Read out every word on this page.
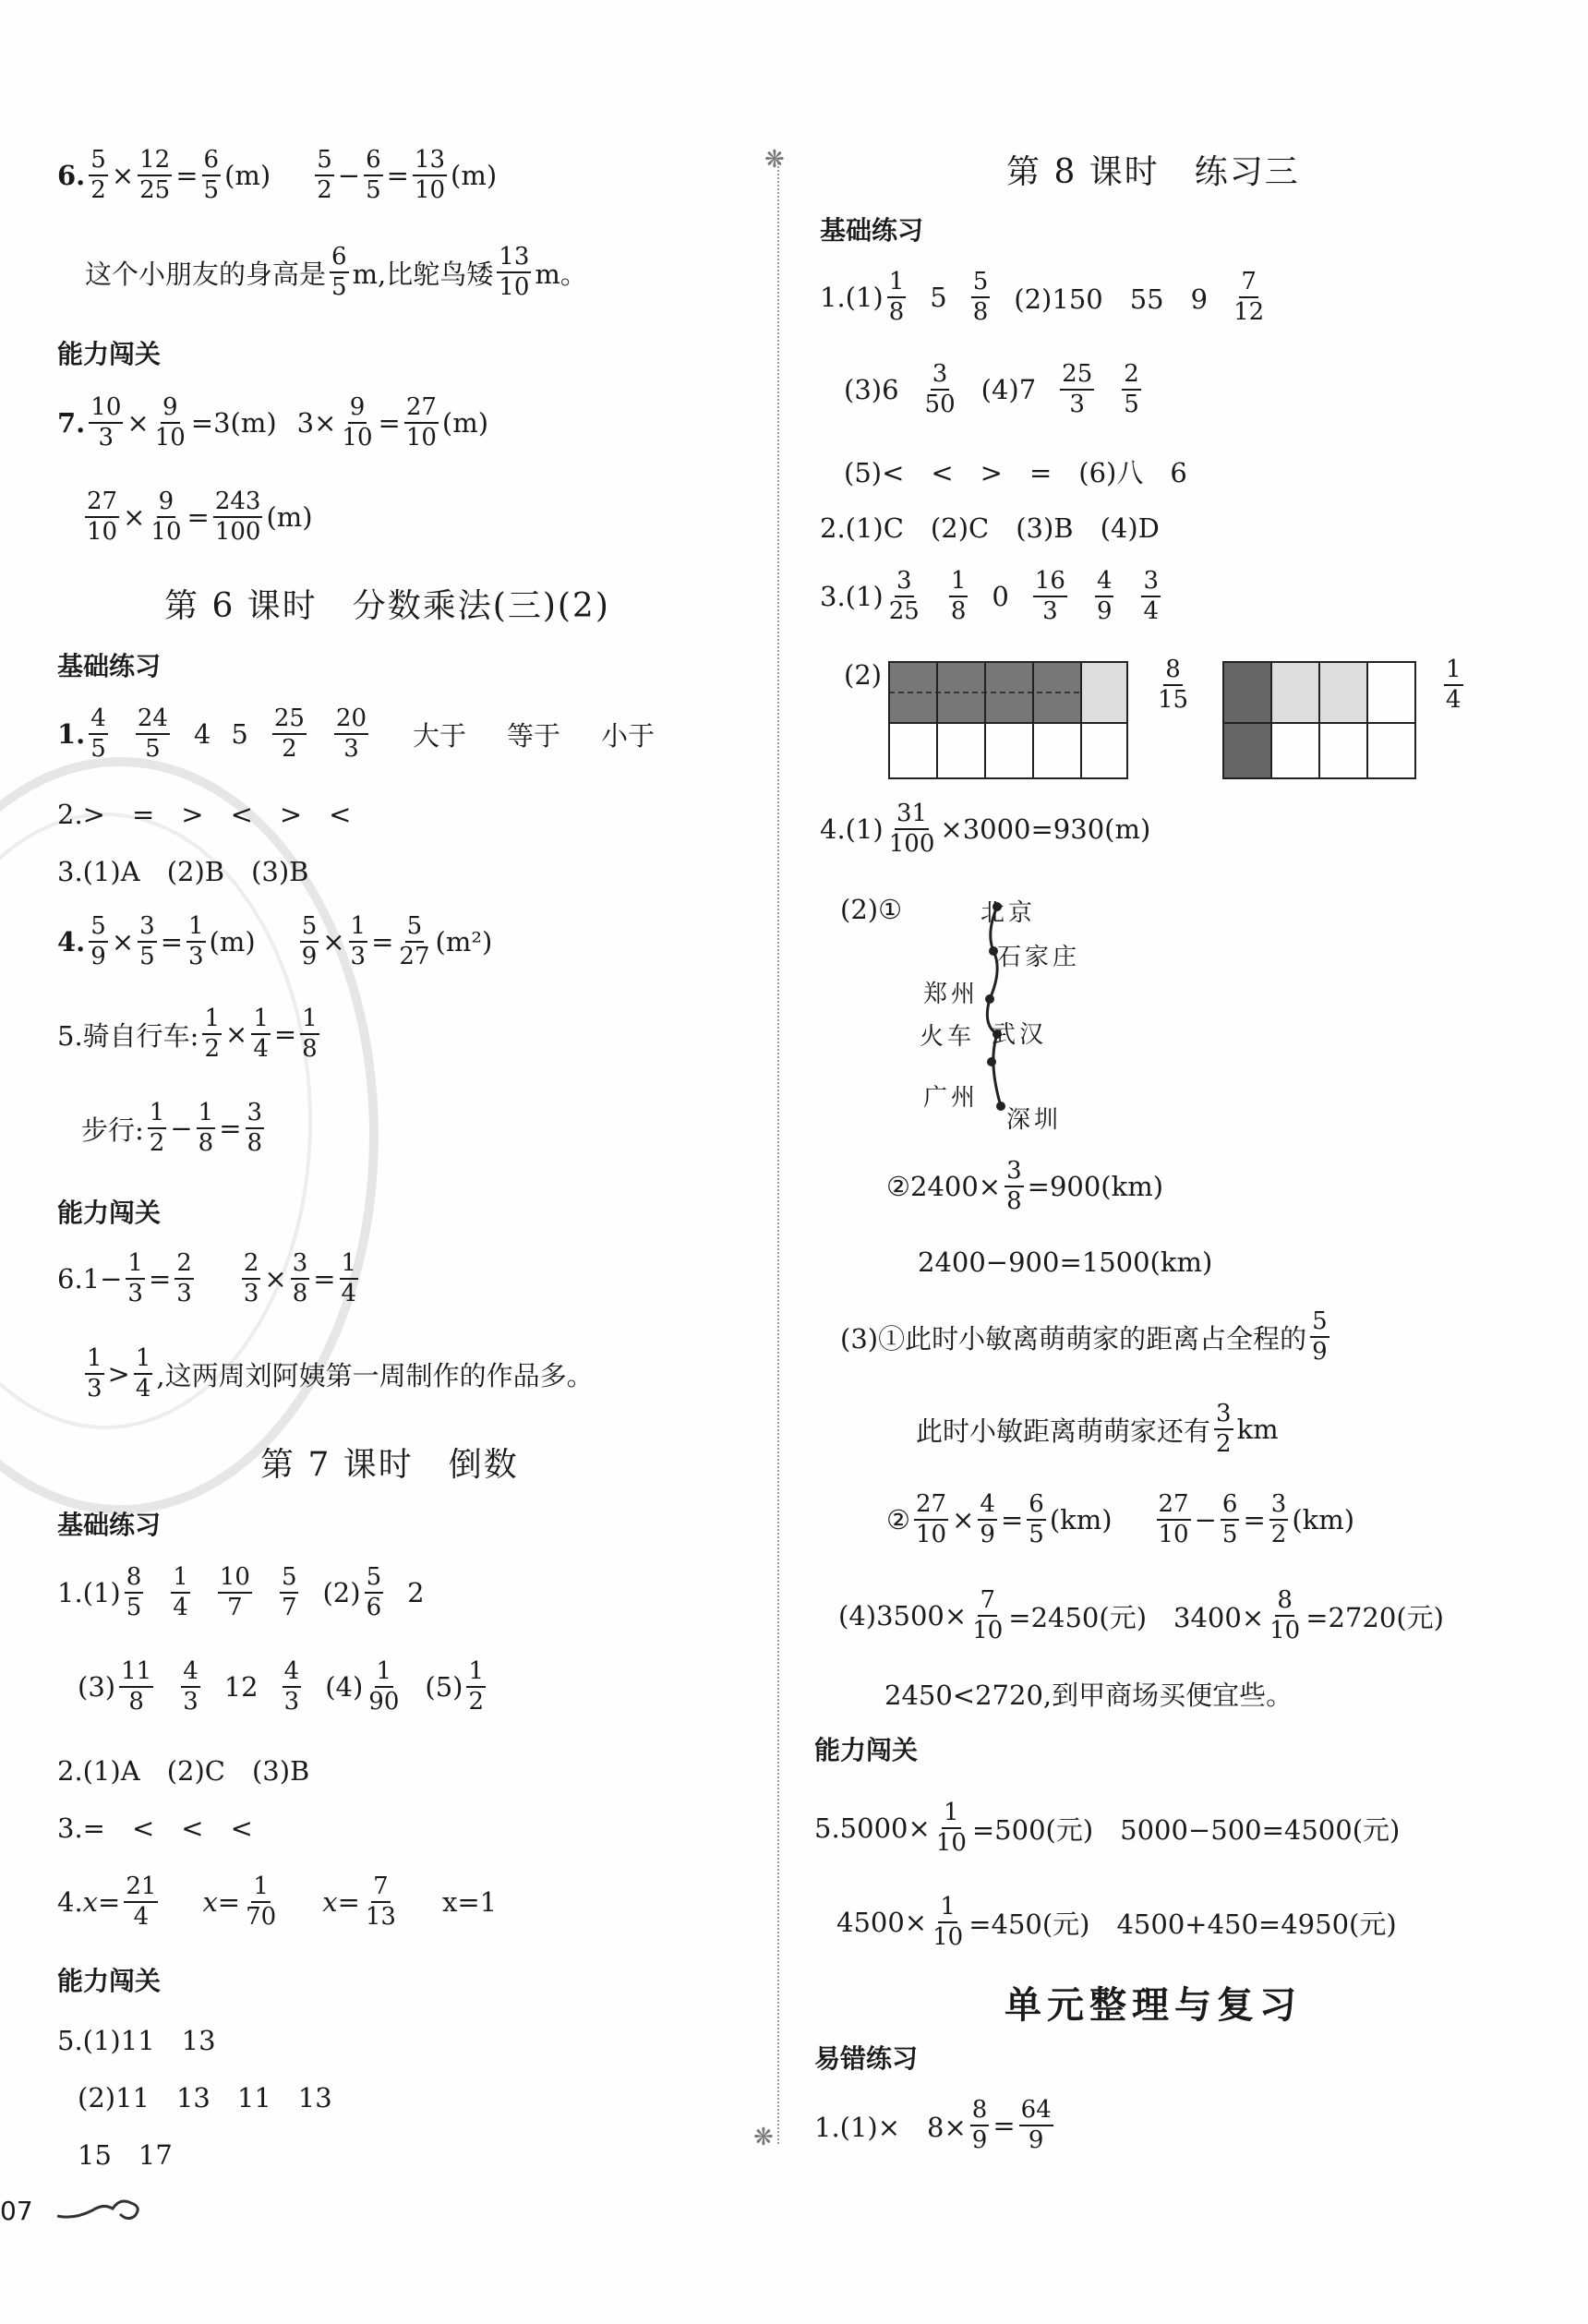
❋
❋
6. $\frac{5}{2} \times \frac{12}{25} = \frac{6}{5} (m) \frac{5}{2} - \frac{6}{5} = \frac{13}{10} (m)$
这个小朋友的身高是 $\frac{6}{5} m$,比鸵鸟矮 $\frac{13}{10}$ m。
能力闯关
7. $\frac{10}{3} \times \frac{9}{10} =3(m)$ $3\times \frac{9}{10} = \frac{27}{10} (m)$
$\frac{27}{10} \times \frac{9}{10} = \frac{243}{100} (m)$
第 6 课时　分数乘法(三)(2)
基础练习
1. $\frac{4}{5} \frac{24}{5} 4$ $5 \frac{25}{2} \frac{20}{3}$ 大于 等于 小于
2.>　=　>　<　>　<
3.(1)A　(2)B　(3)B
4. $\frac{5}{9} \times \frac{3}{5} = \frac{1}{3} (m) \frac{5}{9} \times \frac{1}{3} = \frac{5}{27} (m^2)$
5.骑自行车: $\frac{1}{2} \times \frac{1}{4} = \frac{1}{8}$
步行: $\frac{1}{2} - \frac{1}{8} = \frac{3}{8}$
能力闯关
$6.1- \frac{1}{3} = \frac{2}{3} \frac{2}{3} \times \frac{3}{8} = \frac{1}{4}$
$\frac{1}{3} > \frac{1}{4}$ ,这两周刘阿姨第一周制作的作品多。
第 7 课时　倒数
基础练习
$1.(1) \frac{8}{5} \frac{1}{4} \frac{10}{7} \frac{5}{7} (2) \frac{5}{6} 2$
$(3) \frac{11}{8} \frac{4}{3} 12 \frac{4}{3} (4) \frac{1}{90} (5) \frac{1}{2}$
2.(1)A　(2)C　(3)B
3.=　<　<　<
4. $x = \frac{21}{4}$ $x = \frac{1}{70}$ $x = \frac{7}{13} x=1$
能力闯关
5.(1)11　13
(2)11　13　11　13
15　17
07
第 8 课时　练习三
基础练习
$1.(1) \frac{1}{8} 5 \frac{5}{8} (2)150$　55　$9 \frac{7}{12}$
$(3)6 \frac{3}{50} (4)7 \frac{25}{3} \frac{2}{5}$
(5)<　<　>　=　(6)八　6
2.(1)C　(2)C　(3)B　(4)D
$3.(1) \frac{3}{25} \frac{1}{8} 0 \frac{16}{3} \frac{4}{9} \frac{3}{4}$
(2)	$\frac{8}{15}$	$\frac{1}{4}$
$4.(1) \frac{31}{100} \times 3000=930(m)$
(2)①	北京
石家庄
郑州
火车 武汉
广州
深圳
②2400× $\frac{3}{8} =900(km)$
2400−900=1500(km)
(3)①此时小敏离萌萌家的距离占全程的 $\frac{5}{9}$
此时小敏距离萌萌家还有 $\frac{3}{2}$ km
② $\frac{27}{10} \times \frac{4}{9} = \frac{6}{5} (km) \frac{27}{10} - \frac{6}{5} = \frac{3}{2} (km)$
$(4)3500\times \frac{7}{10} =2450$(元)　$3400\times \frac{8}{10} =2720$(元)
2450<2720,到甲商场买便宜些。
能力闯关
$5.5000\times \frac{1}{10} =500$(元)　5000−500=4500(元)
$4500\times \frac{1}{10} =450$(元)　4500+450=4950(元)
单元整理与复习
易错练习
1.(1)×　$8\times \frac{8}{9} = \frac{64}{9}$
